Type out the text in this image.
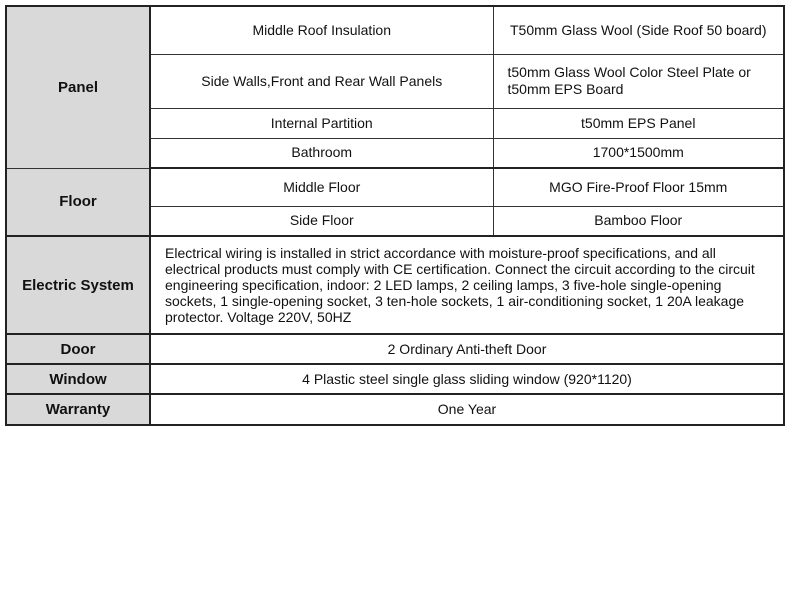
Panel	Middle Roof Insulation	T50mm Glass Wool (Side Roof 50 board)
	Side Walls,Front and Rear Wall Panels	t50mm Glass Wool Color Steel Plate or
t50mm EPS Board

	Internal Partition	t50mm EPS Panel
	Bathroom	1700*1500mm
Floor	Middle Floor	MGO Fire-Proof Floor 15mm
	Side Floor	Bamboo Floor
Electric System	Electrical wiring is installed in strict accordance with moisture-proof specifications, and all electrical products must comply with CE certification. Connect the circuit according to the circuit engineering specification, indoor: 2 LED lamps, 2 ceiling lamps, 3 five-hole single-opening sockets, 1 single-opening socket, 3 ten-hole sockets, 1 air-conditioning socket, 1 20A leakage protector. Voltage 220V, 50HZ	
Door	2 Ordinary Anti-theft Door	
Window	4 Plastic steel single glass sliding window (920*1120)	
Warranty	One Year	
